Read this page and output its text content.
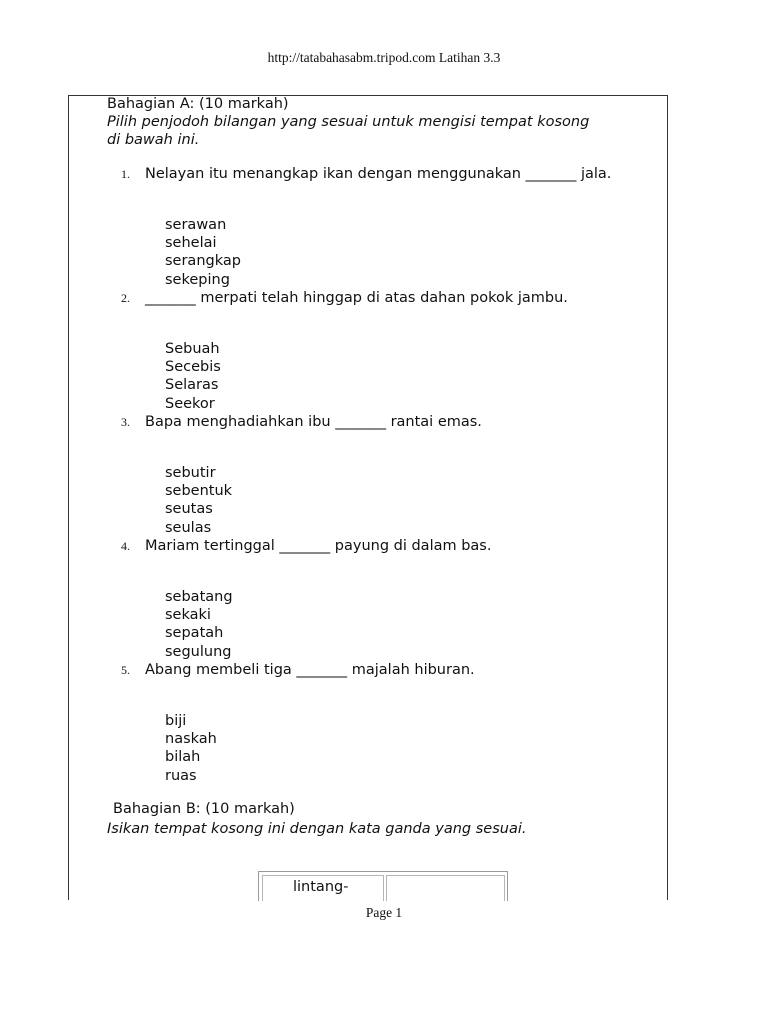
http://tatabahasabm.tripod.com Latihan 3.3
Bahagian A: (10 markah)
Pilih penjodoh bilangan yang sesuai untuk mengisi tempat kosong
di bawah ini.
1. Nelayan itu menangkap ikan dengan menggunakan _______ jala.
serawan
sehelai
serangkap
sekeping
2. _______ merpati telah hinggap di atas dahan pokok jambu.
Sebuah
Secebis
Selaras
Seekor
3. Bapa menghadiahkan ibu _______ rantai emas.
sebutir
sebentuk
seutas
seulas
4. Mariam tertinggal _______ payung di dalam bas.
sebatang
sekaki
sepatah
segulung
5. Abang membeli tiga _______ majalah hiburan.
biji
naskah
bilah
ruas
Bahagian B: (10 markah)
Isikan tempat kosong ini dengan kata ganda yang sesuai.
lintang-
Page 1
